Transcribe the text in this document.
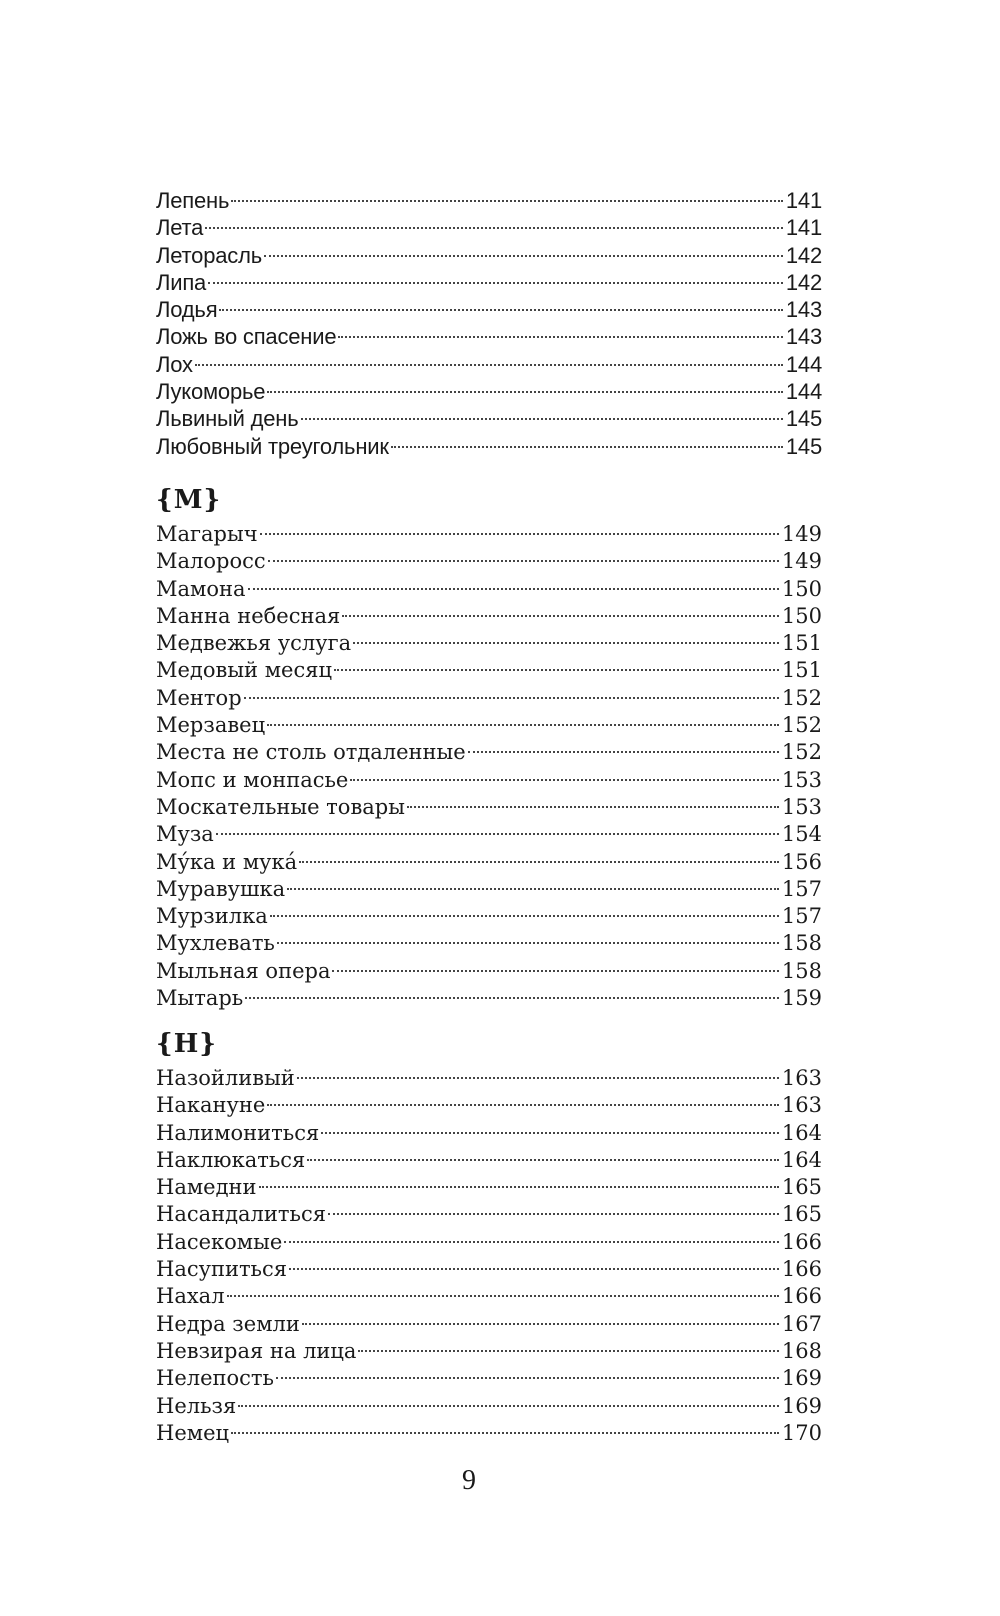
Лепень	141
Лета	141
Леторасль	142
Липа	142
Лодья	143
Ложь во спасение	143
Лох	144
Лукоморье	144
Львиный день	145
Любовный треугольник	145
{М}
Магарыч	149
Малоросс	149
Мамона	150
Манна небесная	150
Медвежья услуга	151
Медовый месяц	151
Ментор	152
Мерзавец	152
Места не столь отдаленные	152
Мопс и монпасье	153
Москательные товары	153
Муза	154
Му́ка и мука́	156
Муравушка	157
Мурзилка	157
Мухлевать	158
Мыльная опера	158
Мытарь	159
{Н}
Назойливый	163
Накануне	163
Налимониться	164
Наклюкаться	164
Намедни	165
Насандалиться	165
Насекомые	166
Насупиться	166
Нахал	166
Недра земли	167
Невзирая на лица	168
Нелепость	169
Нельзя	169
Немец	170
9
